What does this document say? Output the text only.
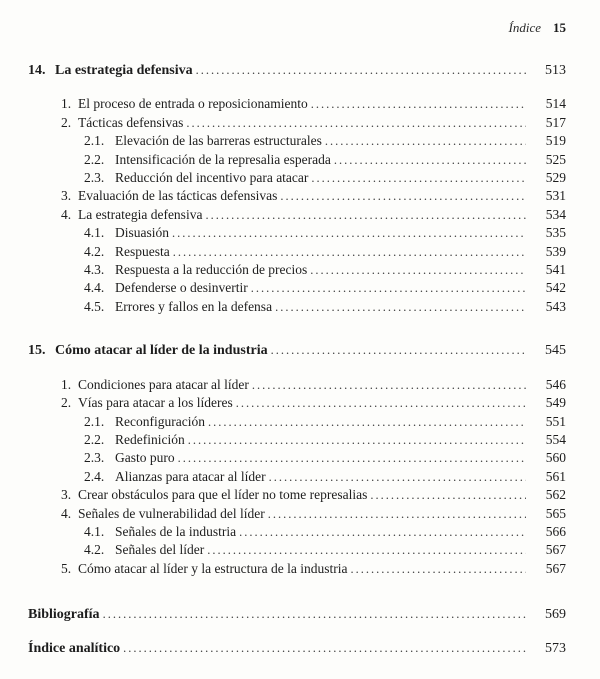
Índice 15
14. La estrategia defensiva .....	513
1. El proceso de entrada o reposicionamiento .....	514
2. Tácticas defensivas .....	517
2.1. Elevación de las barreras estructurales .....	519
2.2. Intensificación de la represalia esperada .....	525
2.3. Reducción del incentivo para atacar .....	529
3. Evaluación de las tácticas defensivas .....	531
4. La estrategia defensiva .....	534
4.1. Disuasión .....	535
4.2. Respuesta .....	539
4.3. Respuesta a la reducción de precios .....	541
4.4. Defenderse o desinvertir .....	542
4.5. Errores y fallos en la defensa .....	543
15. Cómo atacar al líder de la industria .....	545
1. Condiciones para atacar al líder .....	546
2. Vías para atacar a los líderes .....	549
2.1. Reconfiguración .....	551
2.2. Redefinición .....	554
2.3. Gasto puro .....	560
2.4. Alianzas para atacar al líder .....	561
3. Crear obstáculos para que el líder no tome represalias .....	562
4. Señales de vulnerabilidad del líder .....	565
4.1. Señales de la industria .....	566
4.2. Señales del líder .....	567
5. Cómo atacar al líder y la estructura de la industria .....	567
Bibliografía .....	569
Índice analítico .....	573
